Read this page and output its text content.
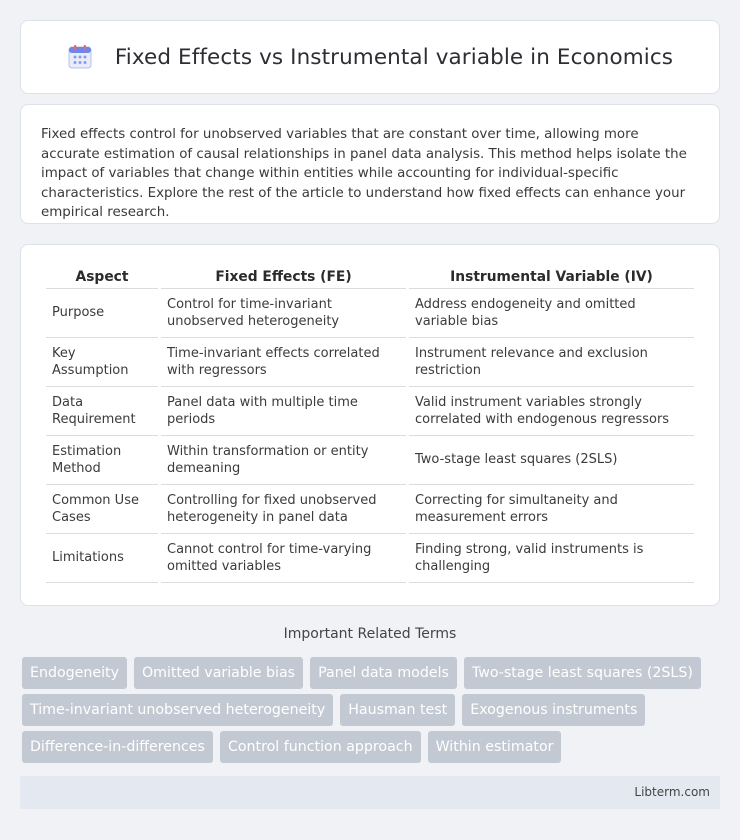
Fixed Effects vs Instrumental variable in Economics

Fixed effects control for unobserved variables that are constant over time, allowing more accurate estimation of causal relationships in panel data analysis. This method helps isolate the impact of variables that change within entities while accounting for individual-specific characteristics. Explore the rest of the article to understand how fixed effects can enhance your empirical research.

Aspect	Fixed Effects (FE)	Instrumental Variable (IV)
Purpose	Control for time-invariant unobserved heterogeneity	Address endogeneity and omitted variable bias
Key Assumption	Time-invariant effects correlated with regressors	Instrument relevance and exclusion restriction
Data Requirement	Panel data with multiple time periods	Valid instrument variables strongly correlated with endogenous regressors
Estimation Method	Within transformation or entity demeaning	Two-stage least squares (2SLS)
Common Use Cases	Controlling for fixed unobserved heterogeneity in panel data	Correcting for simultaneity and measurement errors
Limitations	Cannot control for time-varying omitted variables	Finding strong, valid instruments is challenging
Important Related Terms
Endogeneity	Omitted variable bias	Panel data models	Two-stage least squares (2SLS)
Time-invariant unobserved heterogeneity	Hausman test	Exogenous instruments
Difference-in-differences	Control function approach	Within estimator
Libterm.com
